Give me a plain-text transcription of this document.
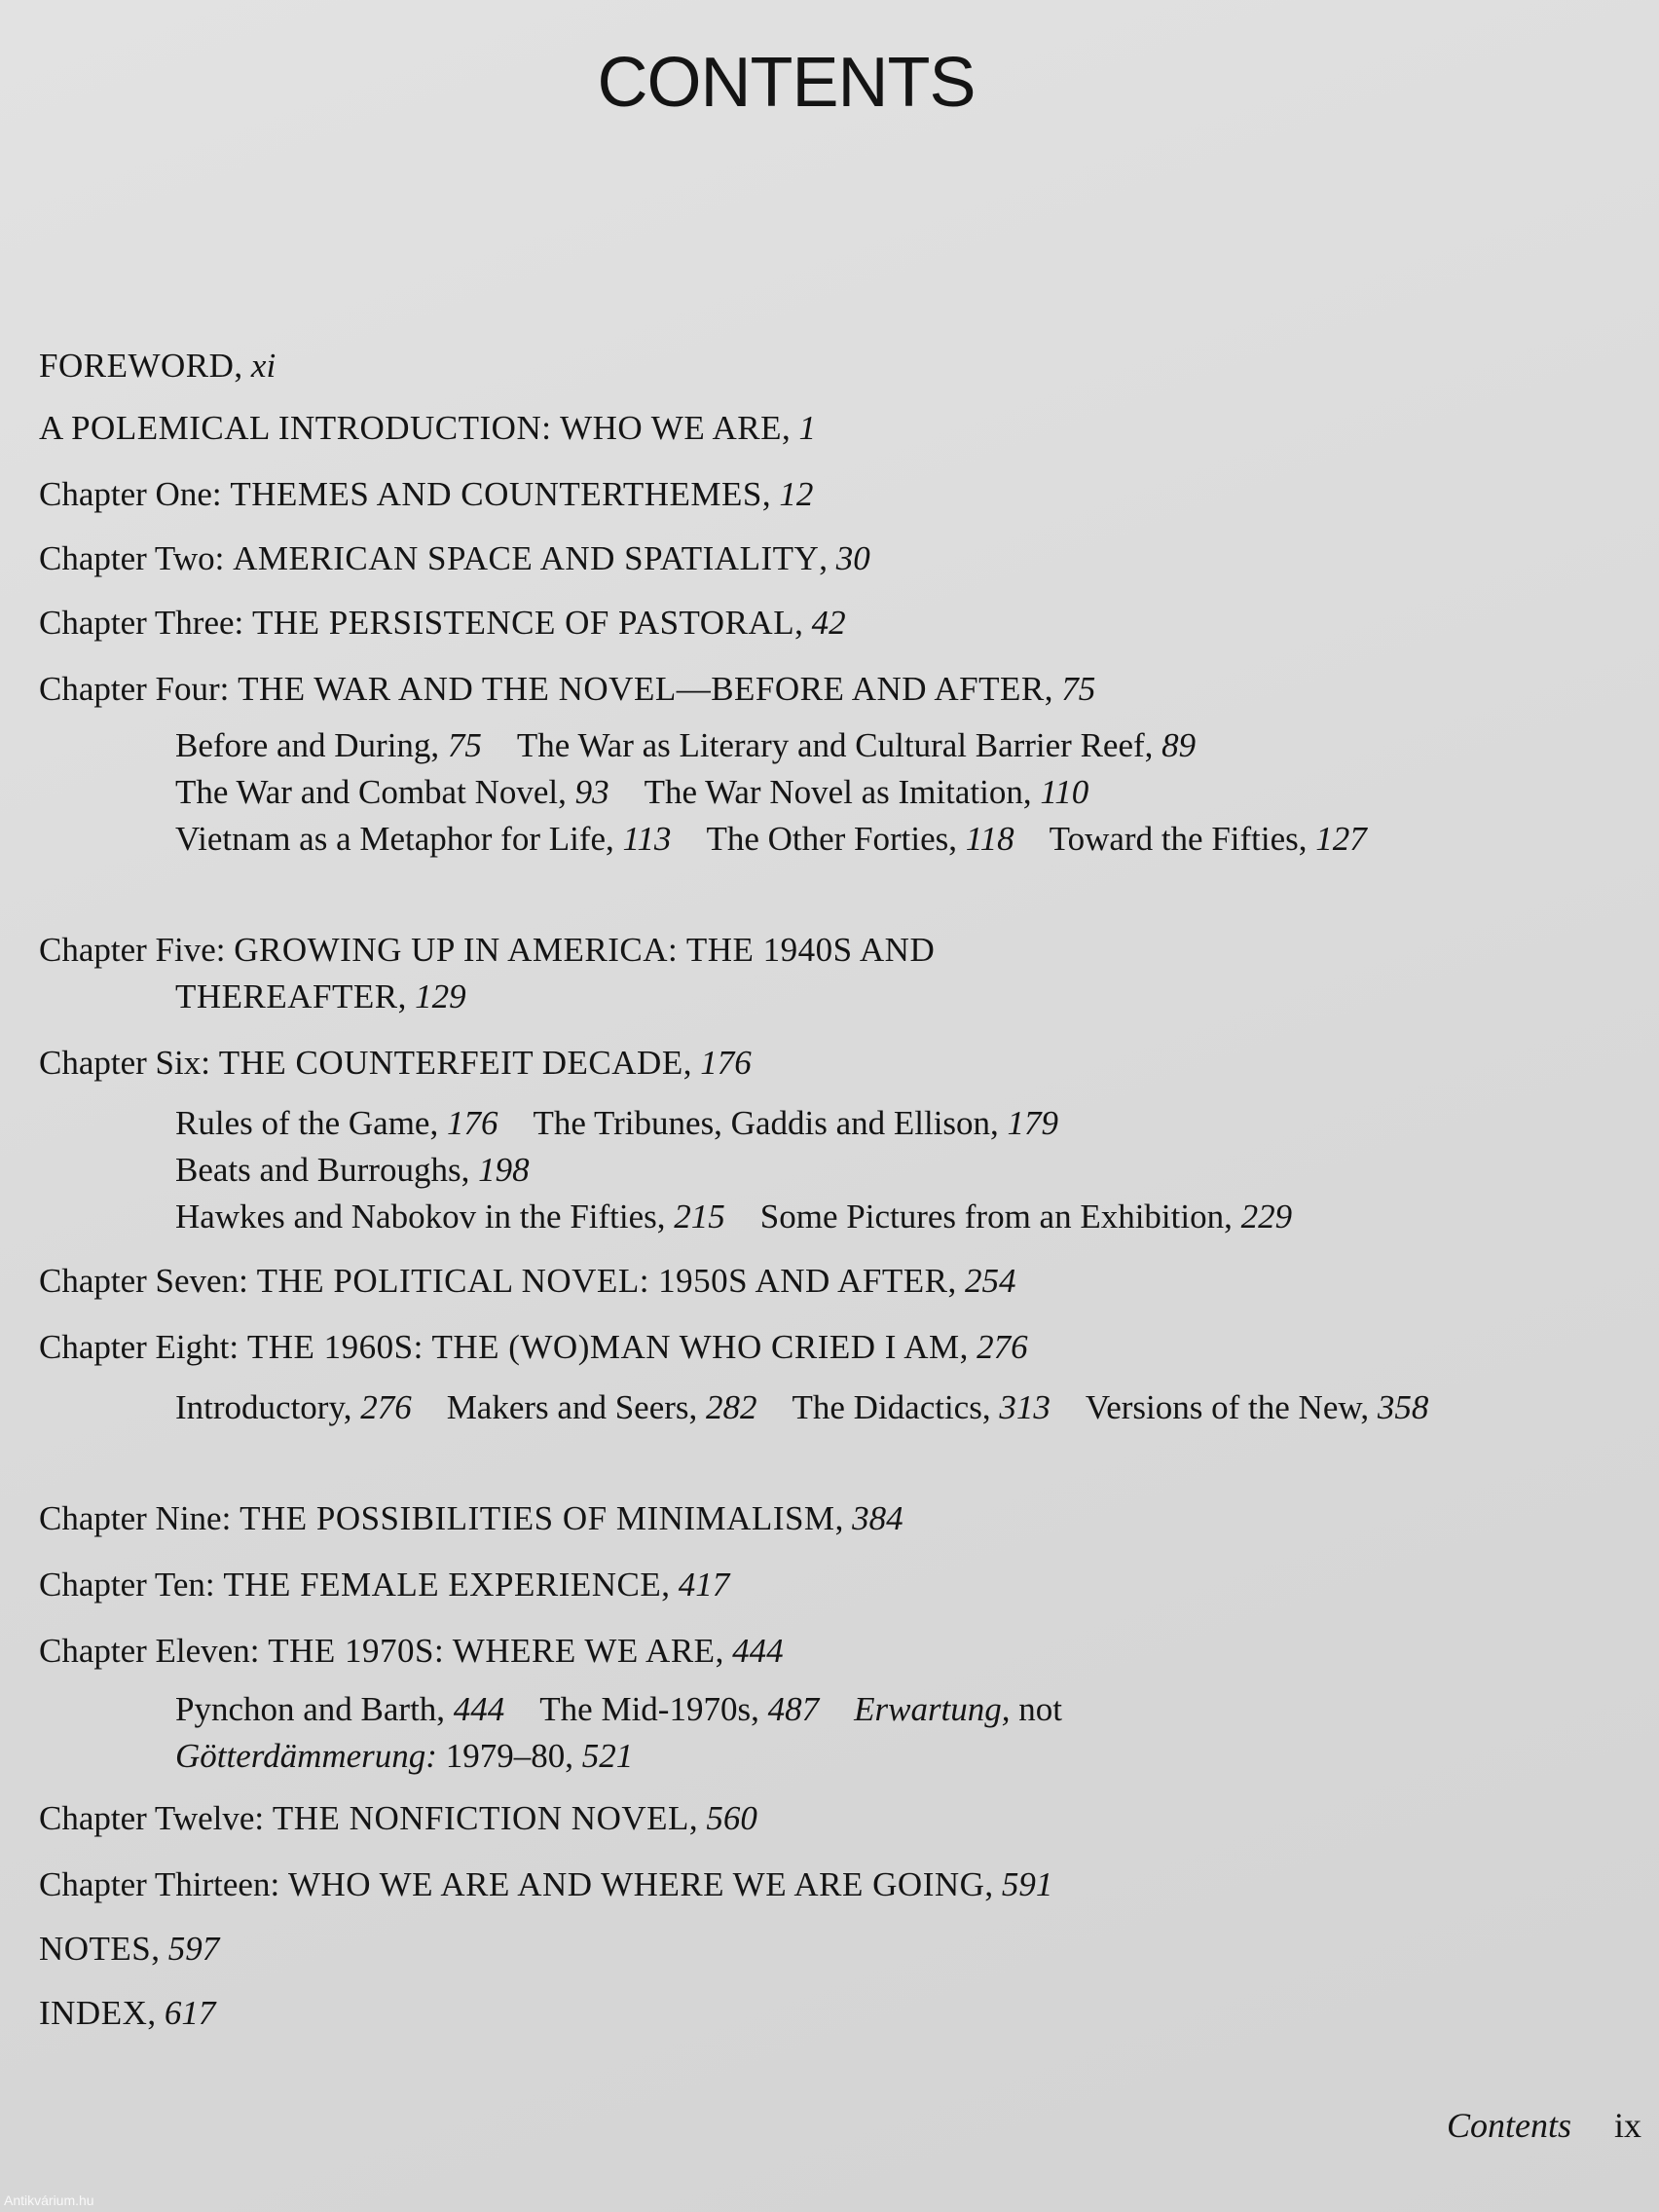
CONTENTS
FOREWORD, xi
A POLEMICAL INTRODUCTION: WHO WE ARE, 1
Chapter One: THEMES AND COUNTERTHEMES, 12
Chapter Two: AMERICAN SPACE AND SPATIALITY, 30
Chapter Three: THE PERSISTENCE OF PASTORAL, 42
Chapter Four: THE WAR AND THE NOVEL—BEFORE AND AFTER, 75
Before and During, 75 The War as Literary and Cultural Barrier Reef, 89
The War and Combat Novel, 93 The War Novel as Imitation, 110
Vietnam as a Metaphor for Life, 113 The Other Forties, 118 Toward the Fifties, 127
Chapter Five: GROWING UP IN AMERICA: THE 1940S AND
THEREAFTER, 129
Chapter Six: THE COUNTERFEIT DECADE, 176
Rules of the Game, 176 The Tribunes, Gaddis and Ellison, 179Beats and Burroughs, 198
Hawkes and Nabokov in the Fifties, 215 Some Pictures from an Exhibition, 229
Chapter Seven: THE POLITICAL NOVEL: 1950S AND AFTER, 254
Chapter Eight: THE 1960S: THE (WO)MAN WHO CRIED I AM, 276
Introductory, 276 Makers and Seers, 282 The Didactics, 313 Versions of the New, 358
Chapter Nine: THE POSSIBILITIES OF MINIMALISM, 384
Chapter Ten: THE FEMALE EXPERIENCE, 417
Chapter Eleven: THE 1970S: WHERE WE ARE, 444
Pynchon and Barth, 444 The Mid-1970s, 487 Erwartung, not
Götterdämmerung: 1979–80, 521
Chapter Twelve: THE NONFICTION NOVEL, 560
Chapter Thirteen: WHO WE ARE AND WHERE WE ARE GOING, 591
NOTES, 597
INDEX, 617
Contents ix
Antikvárium.hu
